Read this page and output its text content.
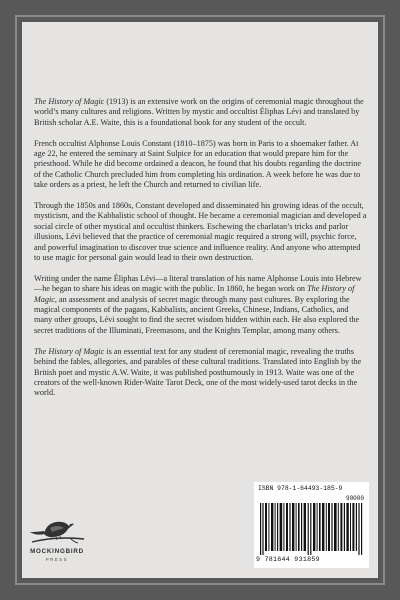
The History of Magic (1913) is an extensive work on the origins of ceremonial magic throughout the world’s many cultures and religions. Written by mystic and occultist Éliphas Lévi and translated by British scholar A.E. Waite, this is a foundational book for any student of the occult.

French occultist Alphonse Louis Constant (1810–1875) was born in Paris to a shoemaker father. At age 22, he entered the seminary at Saint Sulpice for an education that would prepare him for the priesthood. While he did become ordained a deacon, he found that his doubts regarding the doctrine of the Catholic Church precluded him from completing his ordination. A week before he was due to take orders as a priest, he left the Church and returned to civilian life.

Through the 1850s and 1860s, Constant developed and disseminated his growing ideas of the occult, mysticism, and the Kabbalistic school of thought. He became a ceremonial magician and developed a social circle of other mystical and occultist thinkers. Eschewing the charlatan’s tricks and parlor illusions, Lévi believed that the practice of ceremonial magic required a strong will, psychic force, and powerful imagination to discover true science and influence reality. And anyone who attempted to use magic for personal gain would lead to their own destruction.

Writing under the name Éliphas Lévi—a literal translation of his name Alphonse Louis into Hebrew—he began to share his ideas on magic with the public. In 1860, he began work on The History of Magic, an assessment and analysis of secret magic through many past cultures. By exploring the magical components of the pagans, Kabbalists, ancient Greeks, Chinese, Indians, Catholics, and many other groups, Lévi sought to find the secret wisdom hidden within each. He also explored the secret traditions of the Illuminati, Freemasons, and the Knights Templar, among many others.

The History of Magic is an essential text for any student of ceremonial magic, revealing the truths behind the fables, allegories, and parables of these cultural traditions. Translated into English by the British poet and mystic A.W. Waite, it was published posthumously in 1913. Waite was one of the creators of the well-known Rider-Waite Tarot Deck, one of the most widely-used tarot decks in the world.

MOCKINGBIRD
PRESS
ISBN 978-1-64493-185-9
90000
9 781644 931859
